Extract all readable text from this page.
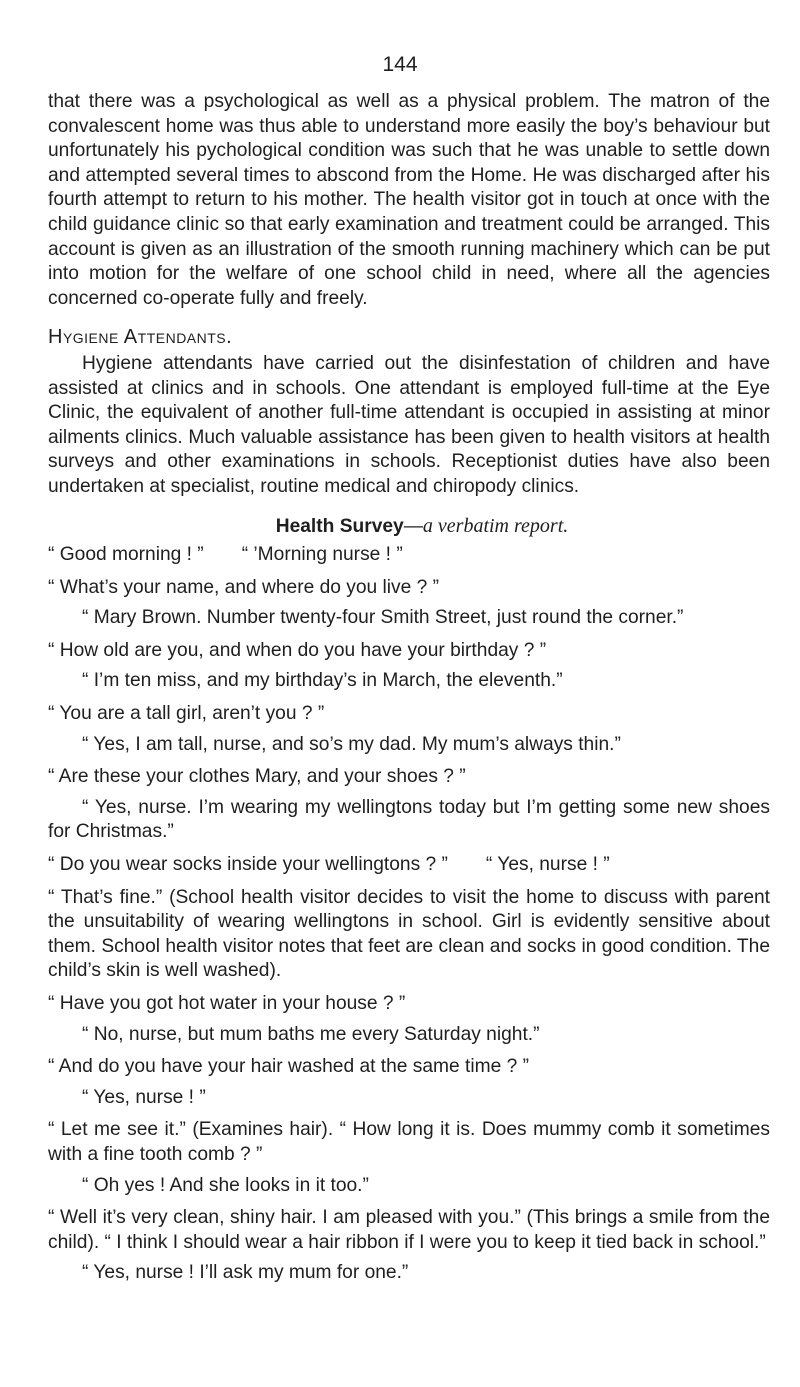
144

that there was a psychological as well as a physical problem. The matron of the convalescent home was thus able to understand more easily the boy’s behaviour but unfortunately his pychological condition was such that he was unable to settle down and attempted several times to abscond from the Home. He was discharged after his fourth attempt to return to his mother. The health visitor got in touch at once with the child guidance clinic so that early examination and treatment could be arranged. This account is given as an illustration of the smooth running machinery which can be put into motion for the welfare of one school child in need, where all the agencies concerned co-operate fully and freely.

Hygiene Attendants.

Hygiene attendants have carried out the disinfestation of children and have assisted at clinics and in schools. One attendant is employed full-time at the Eye Clinic, the equivalent of another full-time attendant is occupied in assisting at minor ailments clinics. Much valuable assistance has been given to health visitors at health surveys and other examinations in schools. Receptionist duties have also been undertaken at specialist, routine medical and chiropody clinics.

Health Survey—a verbatim report.

“ Good morning ! ” “ ’Morning nurse ! ”

“ What’s your name, and where do you live ? ”

“ Mary Brown. Number twenty-four Smith Street, just round the corner.”

“ How old are you, and when do you have your birthday ? ”

“ I’m ten miss, and my birthday’s in March, the eleventh.”

“ You are a tall girl, aren’t you ? ”

“ Yes, I am tall, nurse, and so’s my dad. My mum’s always thin.”

“ Are these your clothes Mary, and your shoes ? ”

“ Yes, nurse. I’m wearing my wellingtons today but I’m getting some new shoes for Christmas.”

“ Do you wear socks inside your wellingtons ? ” “ Yes, nurse ! ”

“ That’s fine.” (School health visitor decides to visit the home to discuss with parent the unsuitability of wearing wellingtons in school. Girl is evidently sensitive about them. School health visitor notes that feet are clean and socks in good condition. The child’s skin is well washed).

“ Have you got hot water in your house ? ”

“ No, nurse, but mum baths me every Saturday night.”

“ And do you have your hair washed at the same time ? ”

“ Yes, nurse ! ”

“ Let me see it.” (Examines hair). “ How long it is. Does mummy comb it sometimes with a fine tooth comb ? ”

“ Oh yes ! And she looks in it too.”

“ Well it’s very clean, shiny hair. I am pleased with you.” (This brings a smile from the child). “ I think I should wear a hair ribbon if I were you to keep it tied back in school.”

“ Yes, nurse ! I’ll ask my mum for one.”
